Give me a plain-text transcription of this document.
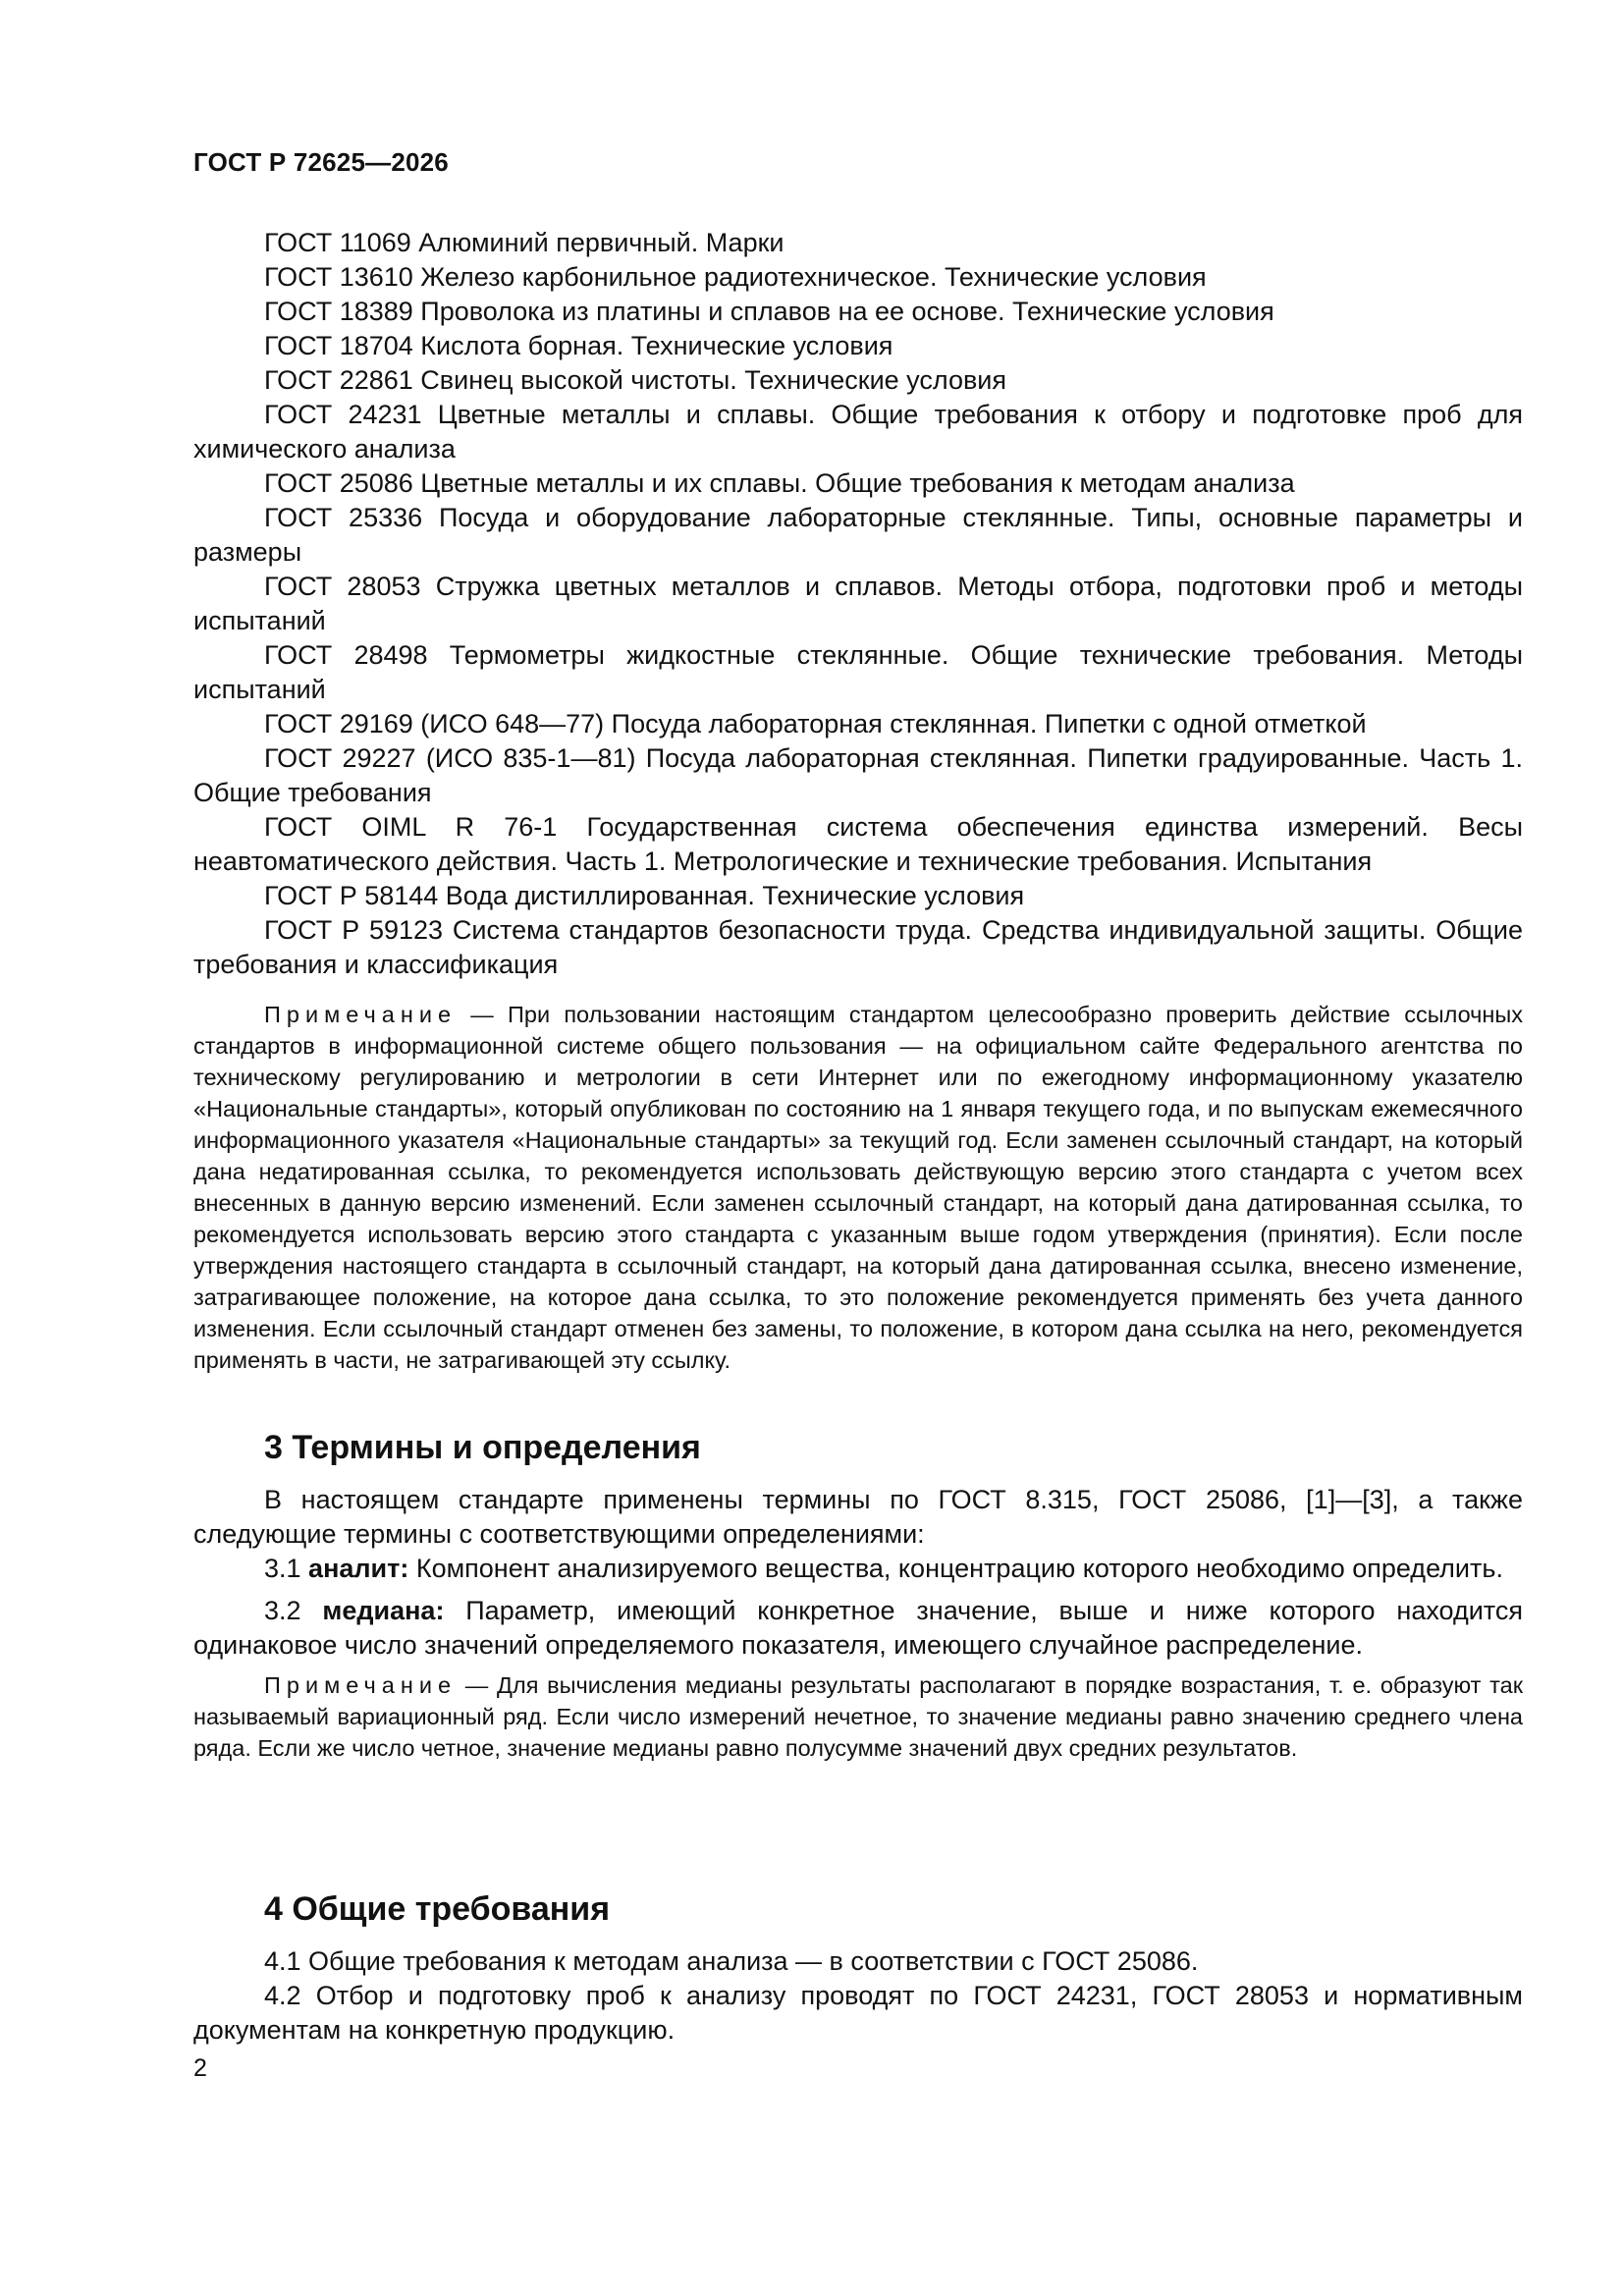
ГОСТ Р 72625—2026

ГОСТ 11069 Алюминий первичный. Марки

ГОСТ 13610 Железо карбонильное радиотехническое. Технические условия

ГОСТ 18389 Проволока из платины и сплавов на ее основе. Технические условия

ГОСТ 18704 Кислота борная. Технические условия

ГОСТ 22861 Свинец высокой чистоты. Технические условия

ГОСТ 24231 Цветные металлы и сплавы. Общие требования к отбору и подготовке проб для химического анализа

ГОСТ 25086 Цветные металлы и их сплавы. Общие требования к методам анализа

ГОСТ 25336 Посуда и оборудование лабораторные стеклянные. Типы, основные параметры и размеры

ГОСТ 28053 Стружка цветных металлов и сплавов. Методы отбора, подготовки проб и методы испытаний

ГОСТ 28498 Термометры жидкостные стеклянные. Общие технические требования. Методы испытаний

ГОСТ 29169 (ИСО 648—77) Посуда лабораторная стеклянная. Пипетки с одной отметкой

ГОСТ 29227 (ИСО 835-1—81) Посуда лабораторная стеклянная. Пипетки градуированные. Часть 1. Общие требования

ГОСТ OIML R 76-1 Государственная система обеспечения единства измерений. Весы неавтоматического действия. Часть 1. Метрологические и технические требования. Испытания

ГОСТ Р 58144 Вода дистиллированная. Технические условия

ГОСТ Р 59123 Система стандартов безопасности труда. Средства индивидуальной защиты. Общие требования и классификация

Примечание — При пользовании настоящим стандартом целесообразно проверить действие ссылочных стандартов в информационной системе общего пользования — на официальном сайте Федерального агентства по техническому регулированию и метрологии в сети Интернет или по ежегодному информационному указателю «Национальные стандарты», который опубликован по состоянию на 1 января текущего года, и по выпускам ежемесячного информационного указателя «Национальные стандарты» за текущий год. Если заменен ссылочный стандарт, на который дана недатированная ссылка, то рекомендуется использовать действующую версию этого стандарта с учетом всех внесенных в данную версию изменений. Если заменен ссылочный стандарт, на который дана датированная ссылка, то рекомендуется использовать версию этого стандарта с указанным выше годом утверждения (принятия). Если после утверждения настоящего стандарта в ссылочный стандарт, на который дана датированная ссылка, внесено изменение, затрагивающее положение, на которое дана ссылка, то это положение рекомендуется применять без учета данного изменения. Если ссылочный стандарт отменен без замены, то положение, в котором дана ссылка на него, рекомендуется применять в части, не затрагивающей эту ссылку.

3 Термины и определения

В настоящем стандарте применены термины по ГОСТ 8.315, ГОСТ 25086, [1]—[3], а также следующие термины с соответствующими определениями:

3.1 аналит: Компонент анализируемого вещества, концентрацию которого необходимо определить.

3.2 медиана: Параметр, имеющий конкретное значение, выше и ниже которого находится одинаковое число значений определяемого показателя, имеющего случайное распределение.

Примечание — Для вычисления медианы результаты располагают в порядке возрастания, т. е. образуют так называемый вариационный ряд. Если число измерений нечетное, то значение медианы равно значению среднего члена ряда. Если же число четное, значение медианы равно полусумме значений двух средних результатов.

4 Общие требования

4.1 Общие требования к методам анализа — в соответствии с ГОСТ 25086.

4.2 Отбор и подготовку проб к анализу проводят по ГОСТ 24231, ГОСТ 28053 и нормативным документам на конкретную продукцию.

2
